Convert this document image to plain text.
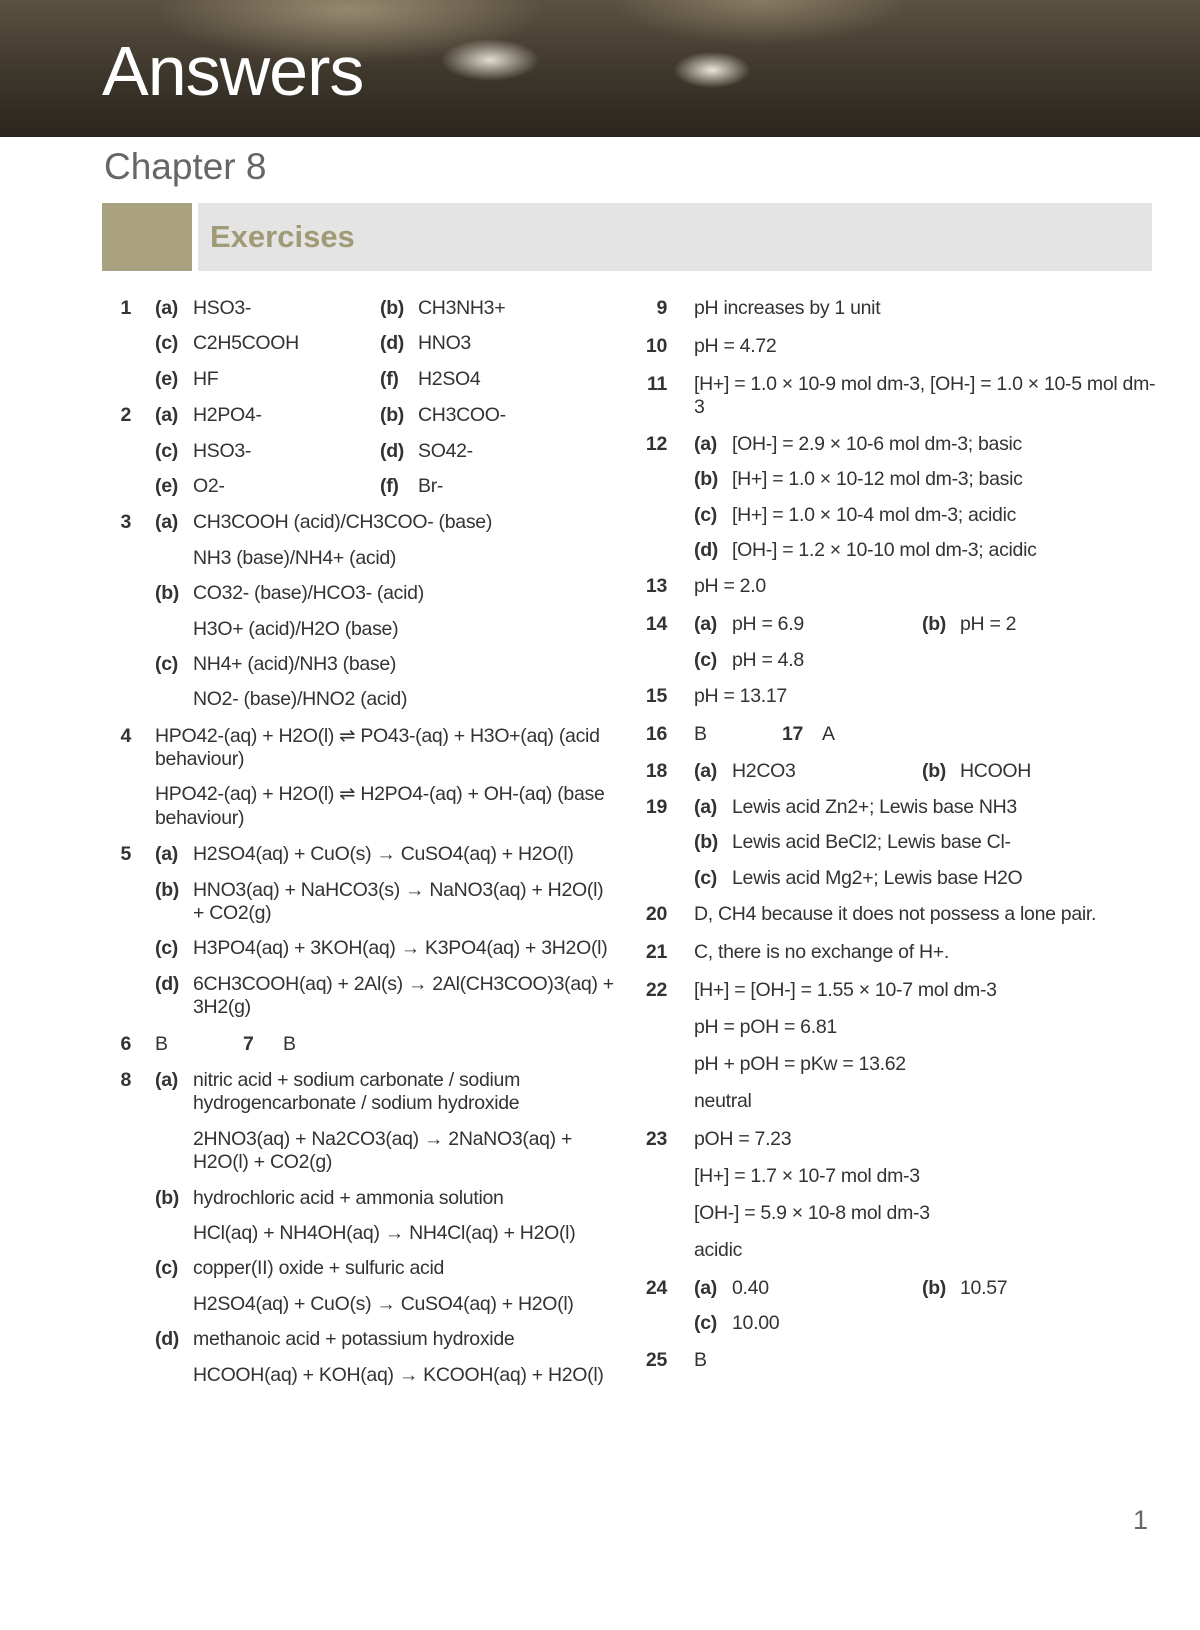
Answers
Chapter 8
Exercises
1 (a) HSO3-	(b) CH3NH3+
(c) C2H5COOH	(d) HNO3
(e) HF	(f) H2SO4
2 (a) H2PO4-	(b) CH3COO-
(c) HSO3-	(d) SO42-
(e) O2-	(f) Br-
3 (a) CH3COOH (acid)/CH3COO- (base)
NH3 (base)/NH4+ (acid)
(b) CO32- (base)/HCO3- (acid)
H3O+ (acid)/H2O (base)
(c) NH4+ (acid)/NH3 (base)
NO2- (base)/HNO2 (acid)
4 HPO42-(aq) + H2O(l) ⇌ PO43-(aq) + H3O+(aq) (acid behaviour)
HPO42-(aq) + H2O(l) ⇌ H2PO4-(aq) + OH-(aq) (base behaviour)
5 (a) H2SO4(aq) + CuO(s) → CuSO4(aq) + H2O(l)
(b) HNO3(aq) + NaHCO3(s) → NaNO3(aq) + H2O(l) + CO2(g)
(c) H3PO4(aq) + 3KOH(aq) → K3PO4(aq) + 3H2O(l)
(d) 6CH3COOH(aq) + 2Al(s) → 2Al(CH3COO)3(aq) + 3H2(g)
6 B	7	B
8 (a) nitric acid + sodium carbonate / sodium hydrogencarbonate / sodium hydroxide
2HNO3(aq) + Na2CO3(aq) → 2NaNO3(aq) + H2O(l) + CO2(g)
(b) hydrochloric acid + ammonia solution
HCl(aq) + NH4OH(aq) → NH4Cl(aq) + H2O(l)
(c) copper(II) oxide + sulfuric acid
H2SO4(aq) + CuO(s) → CuSO4(aq) + H2O(l)
(d) methanoic acid + potassium hydroxide
HCOOH(aq) + KOH(aq) → KCOOH(aq) + H2O(l)
9 pH increases by 1 unit
10 pH = 4.72
11 [H+] = 1.0 × 10-9 mol dm-3, [OH-] = 1.0 × 10-5 mol dm-3
12 (a) [OH-] = 2.9 × 10-6 mol dm-3; basic
(b) [H+] = 1.0 × 10-12 mol dm-3; basic
(c) [H+] = 1.0 × 10-4 mol dm-3; acidic
(d) [OH-] = 1.2 × 10-10 mol dm-3; acidic
13 pH = 2.0
14 (a) pH = 6.9	(b) pH = 2
(c) pH = 4.8
15 pH = 13.17
16 B	17 A
18 (a) H2CO3	(b) HCOOH
19 (a) Lewis acid Zn2+; Lewis base NH3
(b) Lewis acid BeCl2; Lewis base Cl-
(c) Lewis acid Mg2+; Lewis base H2O
20 D, CH4 because it does not possess a lone pair.
21 C, there is no exchange of H+.
22 [H+] = [OH-] = 1.55 × 10-7 mol dm-3
pH = pOH = 6.81
pH + pOH = pKw = 13.62
neutral
23 pOH = 7.23
[H+] = 1.7 × 10-7 mol dm-3
[OH-] = 5.9 × 10-8 mol dm-3
acidic
24 (a) 0.40	(b) 10.57
(c) 10.00
25 B
1
